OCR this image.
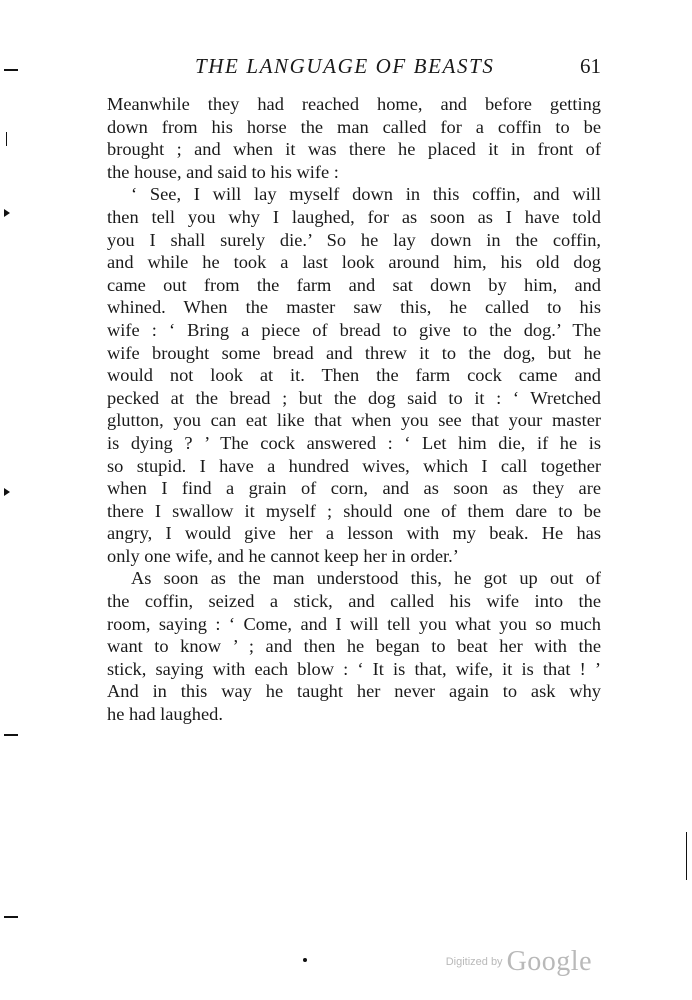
THE LANGUAGE OF BEASTS	61
Meanwhile they had reached home, and before getting
down from his horse the man called for a coffin to be
brought ; and when it was there he placed it in front of
the house, and said to his wife :
‘ See, I will lay myself down in this coffin, and will
then tell you why I laughed, for as soon as I have told
you I shall surely die.’ So he lay down in the coffin,
and while he took a last look around him, his old dog
came out from the farm and sat down by him, and
whined. When the master saw this, he called to his
wife : ‘ Bring a piece of bread to give to the dog.’ The
wife brought some bread and threw it to the dog, but he
would not look at it. Then the farm cock came and
pecked at the bread ; but the dog said to it : ‘ Wretched
glutton, you can eat like that when you see that your master
is dying ? ’ The cock answered : ‘ Let him die, if he is
so stupid. I have a hundred wives, which I call together
when I find a grain of corn, and as soon as they are
there I swallow it myself ; should one of them dare to be
angry, I would give her a lesson with my beak. He has
only one wife, and he cannot keep her in order.’
As soon as the man understood this, he got up out of
the coffin, seized a stick, and called his wife into the
room, saying : ‘ Come, and I will tell you what you so much
want to know ’ ; and then he began to beat her with the
stick, saying with each blow : ‘ It is that, wife, it is that ! ’
And in this way he taught her never again to ask why
he had laughed.
Digitized by Google
